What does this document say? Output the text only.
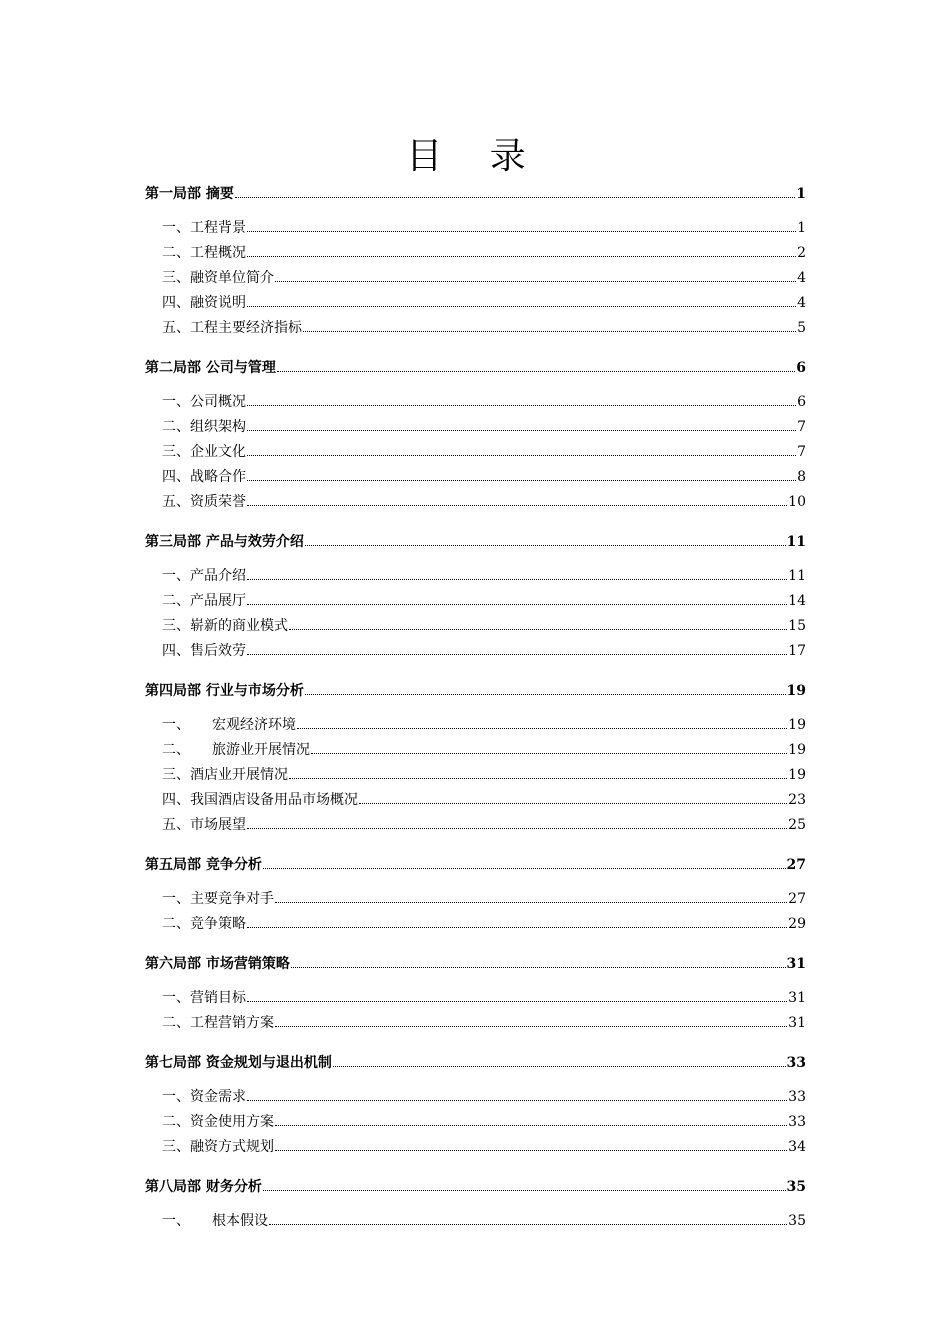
目 录
第一局部 摘要	1
一、工程背景	1
二、工程概况	2
三、融资单位简介	4
四、融资说明	4
五、工程主要经济指标	5
第二局部 公司与管理	6
一、公司概况	6
二、组织架构	7
三、企业文化	7
四、战略合作	8
五、资质荣誉	10
第三局部 产品与效劳介绍	11
一、产品介绍	11
二、产品展厅	14
三、崭新的商业模式	15
四、售后效劳	17
第四局部 行业与市场分析	19
一、	宏观经济环境	19
二、	旅游业开展情况	19
三、酒店业开展情况	19
四、我国酒店设备用品市场概况	23
五、市场展望	25
第五局部 竞争分析	27
一、主要竞争对手	27
二、竞争策略	29
第六局部 市场营销策略	31
一、营销目标	31
二、工程营销方案	31
第七局部 资金规划与退出机制	33
一、资金需求	33
二、资金使用方案	33
三、融资方式规划	34
第八局部 财务分析	35
一、	根本假设	35
